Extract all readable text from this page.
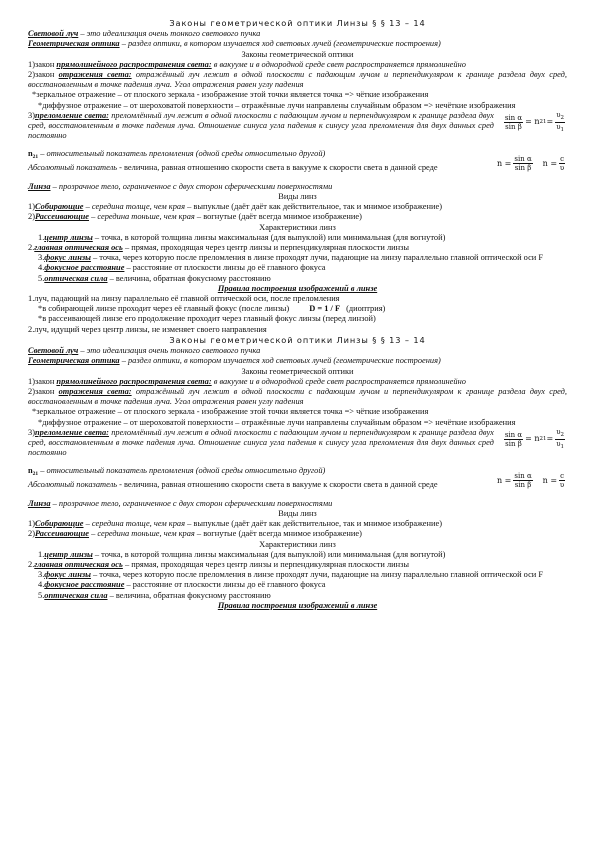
Законы геометрической оптики Линзы § § 13 – 14
Световой луч – это идеализация очень тонкого светового пучка
Геометрическая оптика – раздел оптики, в котором изучается ход световых лучей (геометрические построения)
Законы геометрической оптики
1)закон прямолинейного распространения света: в вакууме и в однородной среде свет распространяется прямолинейно
2)закон отражения света: отражённый луч лежит в одной плоскости с падающим лучом и перпендикуляром к границе раздела двух сред, восстановленным в точке падения луча. Угол отражения равен углу падения
*зеркальное отражение – от плоского зеркала - изображение этой точки является точка => чёткие изображения
*диффузное отражение – от шероховатой поверхности – отражённые лучи направлены случайным образом => нечёткие изображения
3)преломление света: преломлённый луч лежит в одной плоскости с падающим лучом и перпендикуляром к границе раздела двух сред, восстановленным в точке падения луча. Отношение синуса угла падения к синусу угла преломления для двух данных сред постоянно
$\frac{\text{sin α}}{\text{sin β}} = n$ $21 = \frac{\upsilon_2}{\upsilon_1}$
$n_{21}$ – относительный показатель преломления (одной среды относительно другой)
Абсолютный показатель - величина, равная отношению скорости света в вакууме к скорости света в данной среде	$n = \frac{\text{sin α}}{\text{sin β}}$ $n = \frac{c}{\upsilon}$
Линза – прозрачное тело, ограниченное с двух сторон сферическими поверхностями
Виды линз
1)Собирающие – середина толще, чем края – выпуклые (даёт даёт как действительное, так и мнимое изображение)
2)Рассеивающие – середина тоньше, чем края – вогнутые (даёт всегда мнимое изображение)
Характеристики линз
1.центр линзы – точка, в которой толщина линзы максимальная (для выпуклой) или минимальная (для вогнутой)
2.главная оптическая ось – прямая, проходящая через центр линзы и перпендикулярная плоскости линзы
3.фокус линзы – точка, через которую после преломления в линзе проходят лучи, падающие на линзу параллельно главной оптической оси F
4.фокусное расстояние – расстояние от плоскости линзы до её главного фокуса
5.оптическая сила – величина, обратная фокусному расстоянию
Правила построения изображений в линзе
1.луч, падающий на линзу параллельно её главной оптической оси, после преломления
*в собирающей линзе проходит через её главный фокус (после линзы) D = 1 / F (диоптрия)
*в рассеивающей линзе его продолжение проходит через главный фокус линзы (перед линзой)
2.луч, идущий через центр линзы, не изменяет своего направления
Законы геометрической оптики Линзы § § 13 – 14
Световой луч – это идеализация очень тонкого светового пучка
Геометрическая оптика – раздел оптики, в котором изучается ход световых лучей (геометрические построения)
Законы геометрической оптики
1)закон прямолинейного распространения света: в вакууме и в однородной среде свет распространяется прямолинейно
2)закон отражения света: отражённый луч лежит в одной плоскости с падающим лучом и перпендикуляром к границе раздела двух сред, восстановленным в точке падения луча. Угол отражения равен углу падения
*зеркальное отражение – от плоского зеркала - изображение этой точки является точка => чёткие изображения
*диффузное отражение – от шероховатой поверхности – отражённые лучи направлены случайным образом => нечёткие изображения
3)преломление света: преломлённый луч лежит в одной плоскости с падающим лучом и перпендикуляром к границе раздела двух сред, восстановленным в точке падения луча. Отношение синуса угла падения к синусу угла преломления для двух данных сред постоянно
$\frac{\text{sin α}}{\text{sin β}} = n$ $21 = \frac{\upsilon_2}{\upsilon_1}$
$n_{21}$ – относительный показатель преломления (одной среды относительно другой)
Абсолютный показатель - величина, равная отношению скорости света в вакууме к скорости света в данной среде	$n = \frac{\text{sin α}}{\text{sin β}}$ $n = \frac{c}{\upsilon}$
Линза – прозрачное тело, ограниченное с двух сторон сферическими поверхностями
Виды линз
1)Собирающие – середина толще, чем края – выпуклые (даёт даёт как действительное, так и мнимое изображение)
2)Рассеивающие – середина тоньше, чем края – вогнутые (даёт всегда мнимое изображение)
Характеристики линз
1.центр линзы – точка, в которой толщина линзы максимальная (для выпуклой) или минимальная (для вогнутой)
2.главная оптическая ось – прямая, проходящая через центр линзы и перпендикулярная плоскости линзы
3.фокус линзы – точка, через которую после преломления в линзе проходят лучи, падающие на линзу параллельно главной оптической оси F
4.фокусное расстояние – расстояние от плоскости линзы до её главного фокуса
5.оптическая сила – величина, обратная фокусному расстоянию
Правила построения изображений в линзе
